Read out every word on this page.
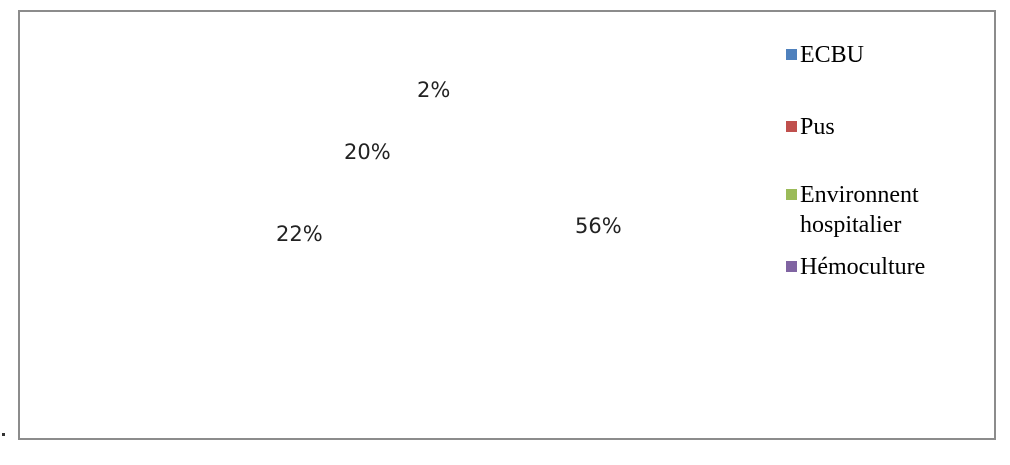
ECBU
Pus
Environnent hospitalier
Hémoculture
56%
22%
20%
2%
